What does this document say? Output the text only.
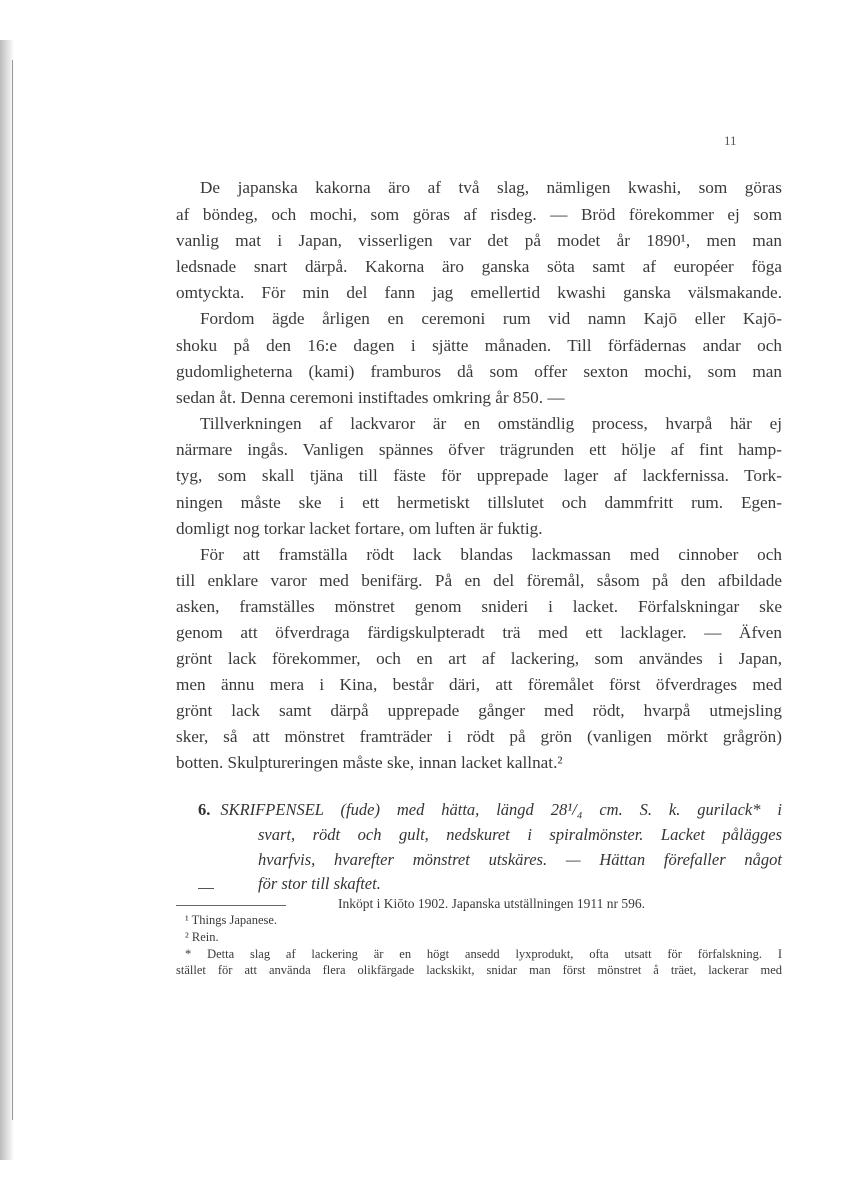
11
De japanska kakorna äro af två slag, nämligen kwashi, som göras
af böndeg, och mochi, som göras af risdeg. — Bröd förekommer ej som
vanlig mat i Japan, visserligen var det på modet år 1890¹, men man
ledsnade snart därpå. Kakorna äro ganska söta samt af européer föga
omtyckta. För min del fann jag emellertid kwashi ganska välsmakande.
Fordom ägde årligen en ceremoni rum vid namn Kajō eller Kajō-
shoku på den 16:e dagen i sjätte månaden. Till förfädernas andar och
gudomligheterna (kami) framburos då som offer sexton mochi, som man
sedan åt. Denna ceremoni instiftades omkring år 850. —
Tillverkningen af lackvaror är en omständlig process, hvarpå här ej
närmare ingås. Vanligen spännes öfver trägrunden ett hölje af fint hamp-
tyg, som skall tjäna till fäste för upprepade lager af lackfernissa. Tork-
ningen måste ske i ett hermetiskt tillslutet och dammfritt rum. Egen-
domligt nog torkar lacket fortare, om luften är fuktig.
För att framställa rödt lack blandas lackmassan med cinnober och
till enklare varor med benifärg. På en del föremål, såsom på den afbildade
asken, framställes mönstret genom snideri i lacket. Förfalskningar ske
genom att öfverdraga färdigskulpteradt trä med ett lacklager. — Äfven
grönt lack förekommer, och en art af lackering, som användes i Japan,
men ännu mera i Kina, består däri, att föremålet först öfverdrages med
grönt lack samt därpå upprepade gånger med rödt, hvarpå utmejsling
sker, så att mönstret framträder i rödt på grön (vanligen mörkt grågrön)
botten. Skulptureringen måste ske, innan lacket kallnat.²
6. SKRIFPENSEL (fude) med hätta, längd 28¹/₄ cm. S. k. gurilack* i
svart, rödt och gult, nedskuret i spiralmönster. Lacket pålägges
hvarfvis, hvarefter mönstret utskäres. — Hättan förefaller något
för stor till skaftet.
Inköpt i Kiōto 1902. Japanska utställningen 1911 nr 596.
¹ Things Japanese.
² Rein.
* Detta slag af lackering är en högt ansedd lyxprodukt, ofta utsatt för förfalskning. I
stället för att använda flera olikfärgade lackskikt, snidar man först mönstret å träet, lackerar med
